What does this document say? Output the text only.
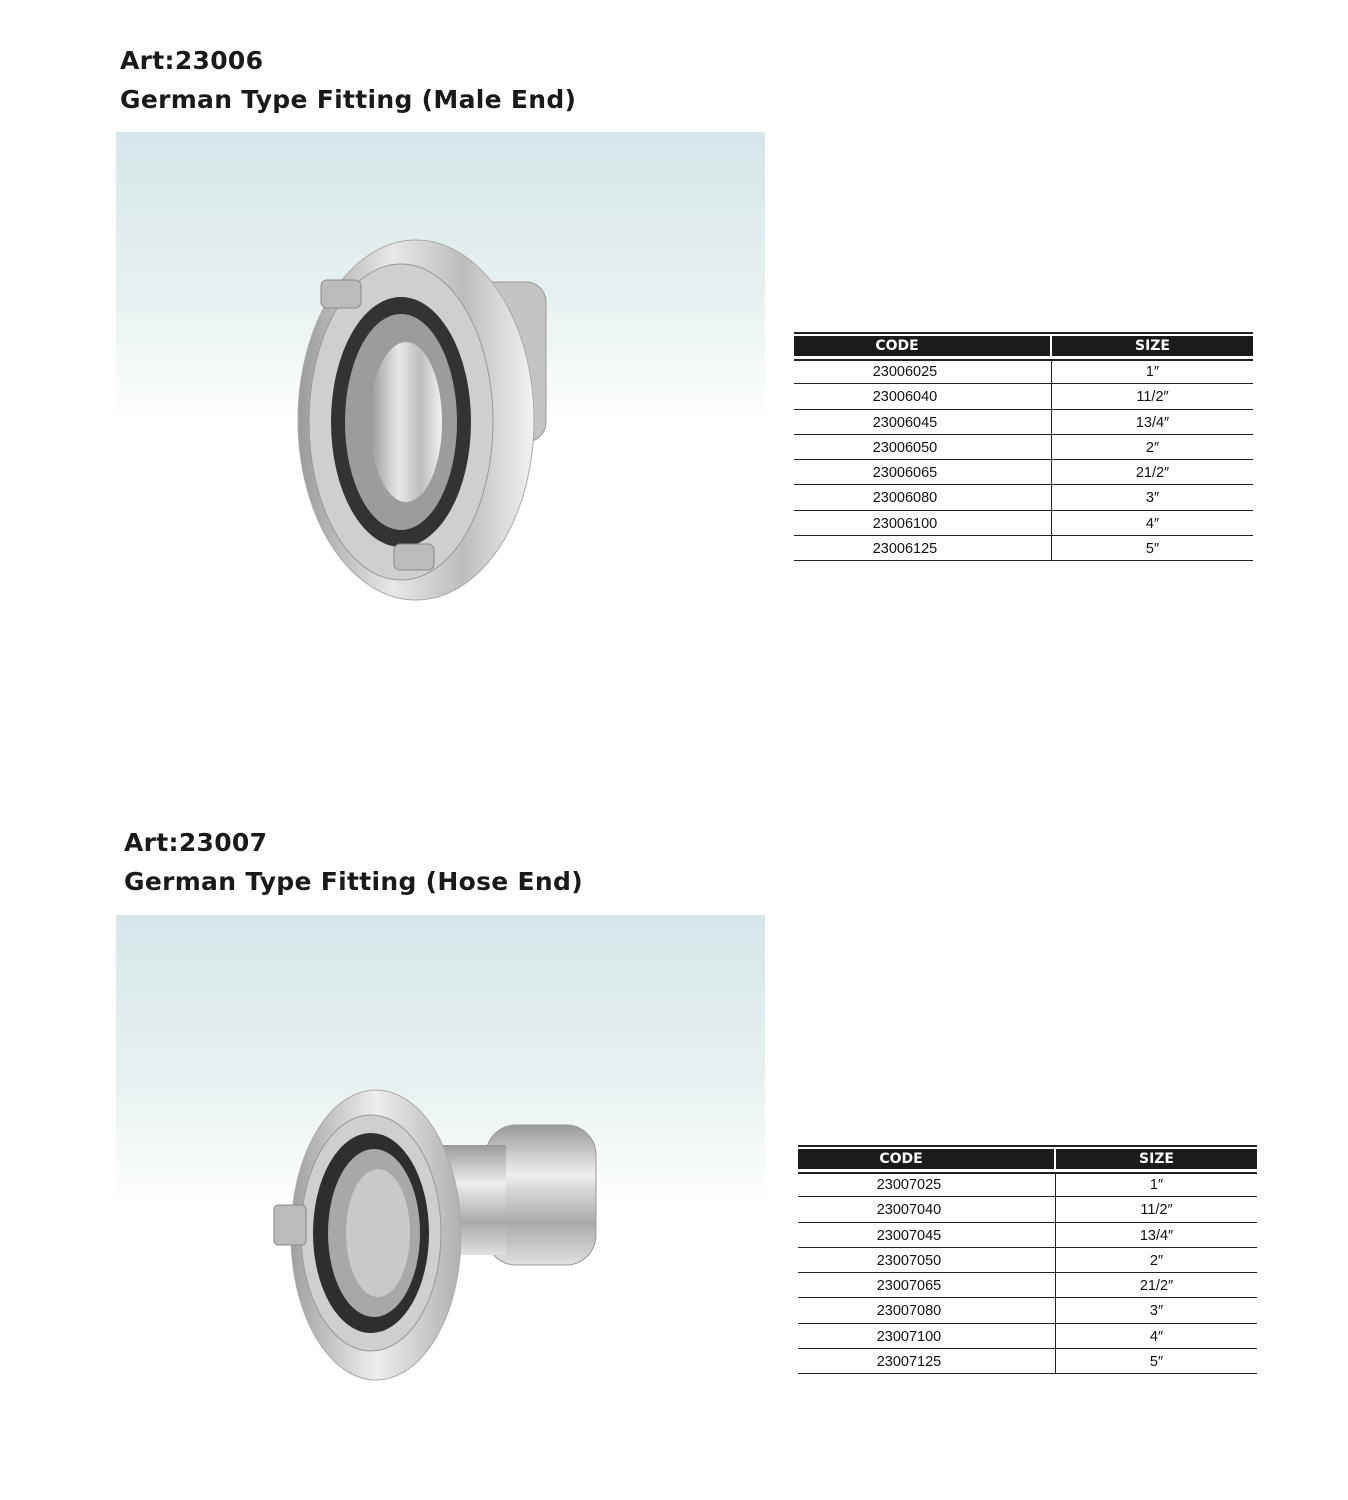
Art:23006
German Type Fitting (Male End)
CODE	SIZE
23006025	1″
23006040	11/2″
23006045	13/4″
23006050	2″
23006065	21/2″
23006080	3″
23006100	4″
23006125	5″
Art:23007
German Type Fitting (Hose End)
CODE	SIZE
23007025	1″
23007040	11/2″
23007045	13/4″
23007050	2″
23007065	21/2″
23007080	3″
23007100	4″
23007125	5″
